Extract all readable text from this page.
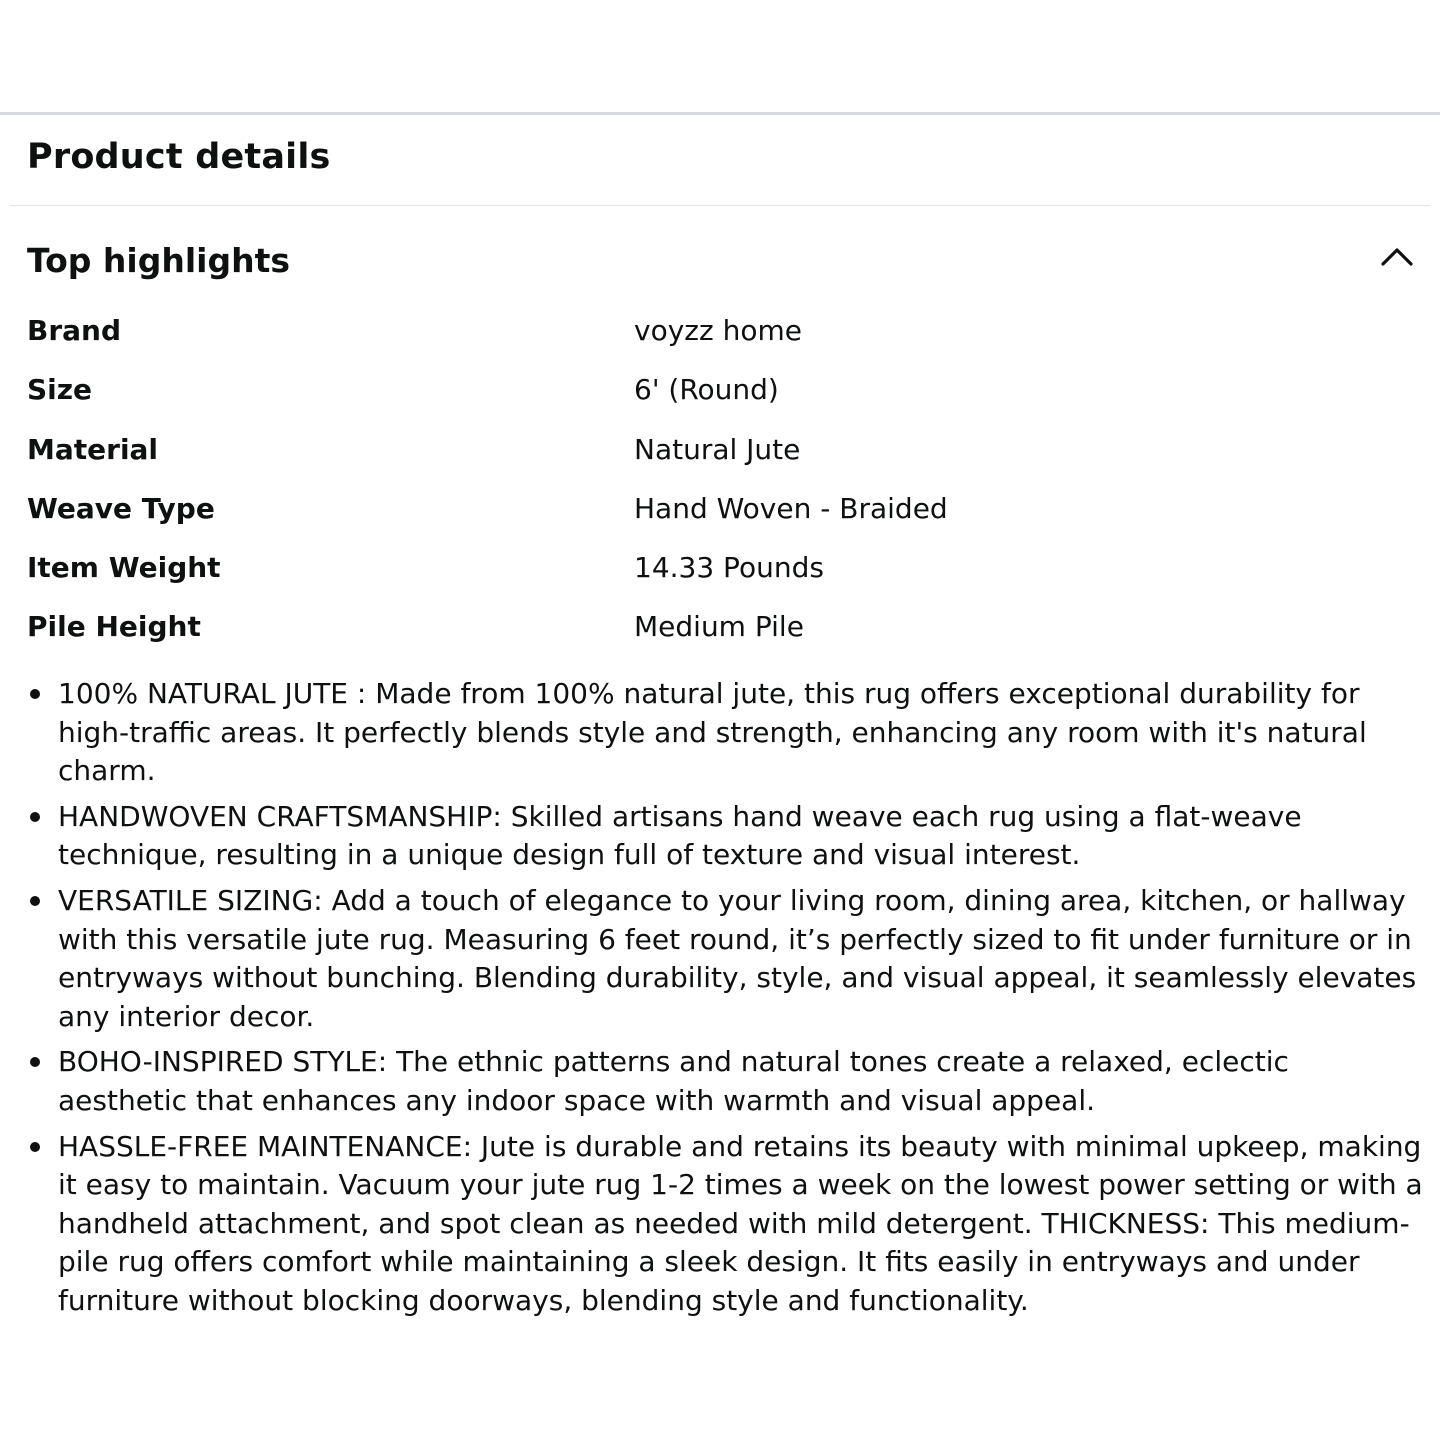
Product details
Top highlights
Brand	voyzz home
Size	6' (Round)
Material	Natural Jute
Weave Type	Hand Woven - Braided
Item Weight	14.33 Pounds
Pile Height	Medium Pile
100% NATURAL JUTE : Made from 100% natural jute, this rug offers exceptional durability for high-traffic areas. It perfectly blends style and strength, enhancing any room with it's natural charm.
HANDWOVEN CRAFTSMANSHIP: Skilled artisans hand weave each rug using a flat-weave technique, resulting in a unique design full of texture and visual interest.
VERSATILE SIZING: Add a touch of elegance to your living room, dining area, kitchen, or hallway with this versatile jute rug. Measuring 6 feet round, it’s perfectly sized to fit under furniture or in entryways without bunching. Blending durability, style, and visual appeal, it seamlessly elevates any interior decor.
BOHO-INSPIRED STYLE: The ethnic patterns and natural tones create a relaxed, eclectic aesthetic that enhances any indoor space with warmth and visual appeal.
HASSLE-FREE MAINTENANCE: Jute is durable and retains its beauty with minimal upkeep, making it easy to maintain. Vacuum your jute rug 1-2 times a week on the lowest power setting or with a handheld attachment, and spot clean as needed with mild detergent. THICKNESS: This medium-pile rug offers comfort while maintaining a sleek design. It fits easily in entryways and under furniture without blocking doorways, blending style and functionality.
